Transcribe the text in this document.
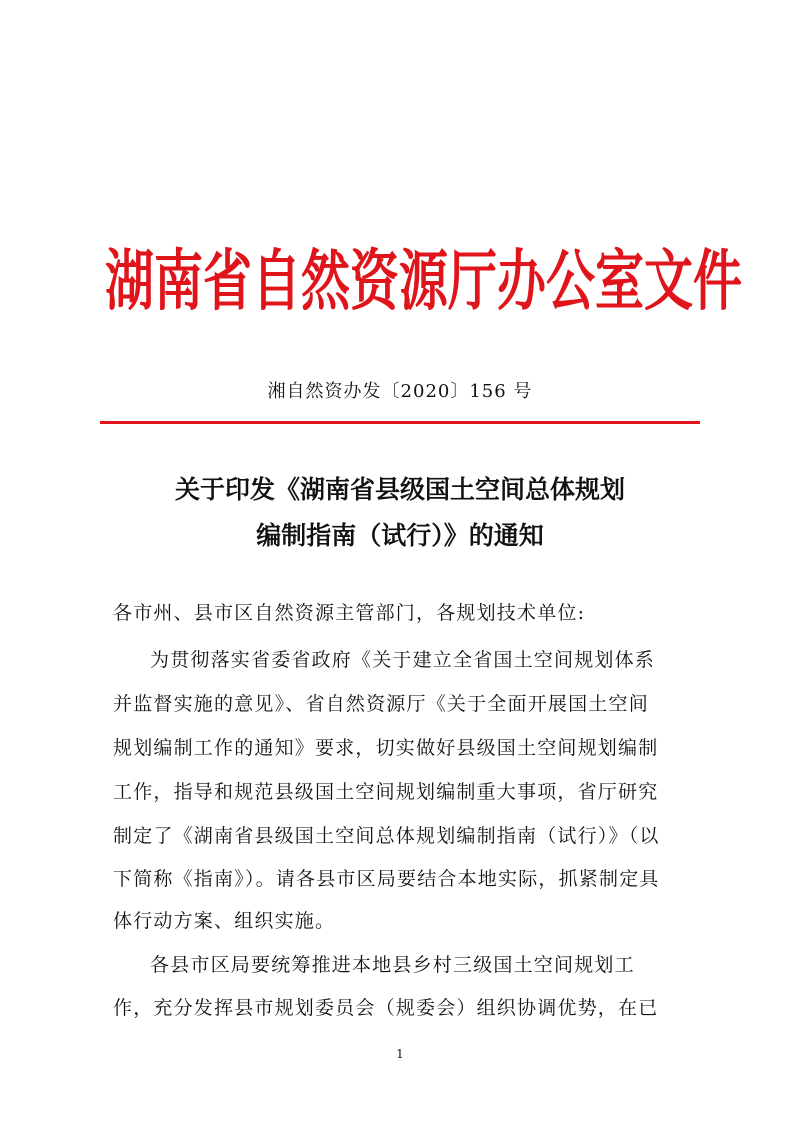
湖南省自然资源厅办公室文件
湘自然资办发〔2020〕156 号
关于印发《湖南省县级国土空间总体规划
编制指南（试行）》的通知
各市州、县市区自然资源主管部门，各规划技术单位:
为贯彻落实省委省政府《关于建立全省国土空间规划体系
并监督实施的意见》、省自然资源厅《关于全面开展国土空间
规划编制工作的通知》要求，切实做好县级国土空间规划编制
工作，指导和规范县级国土空间规划编制重大事项，省厅研究
制定了《湖南省县级国土空间总体规划编制指南（试行）》（以
下简称《指南》）。请各县市区局要结合本地实际，抓紧制定具
体行动方案、组织实施。
各县市区局要统筹推进本地县乡村三级国土空间规划工
作，充分发挥县市规划委员会（规委会）组织协调优势，在已
1
